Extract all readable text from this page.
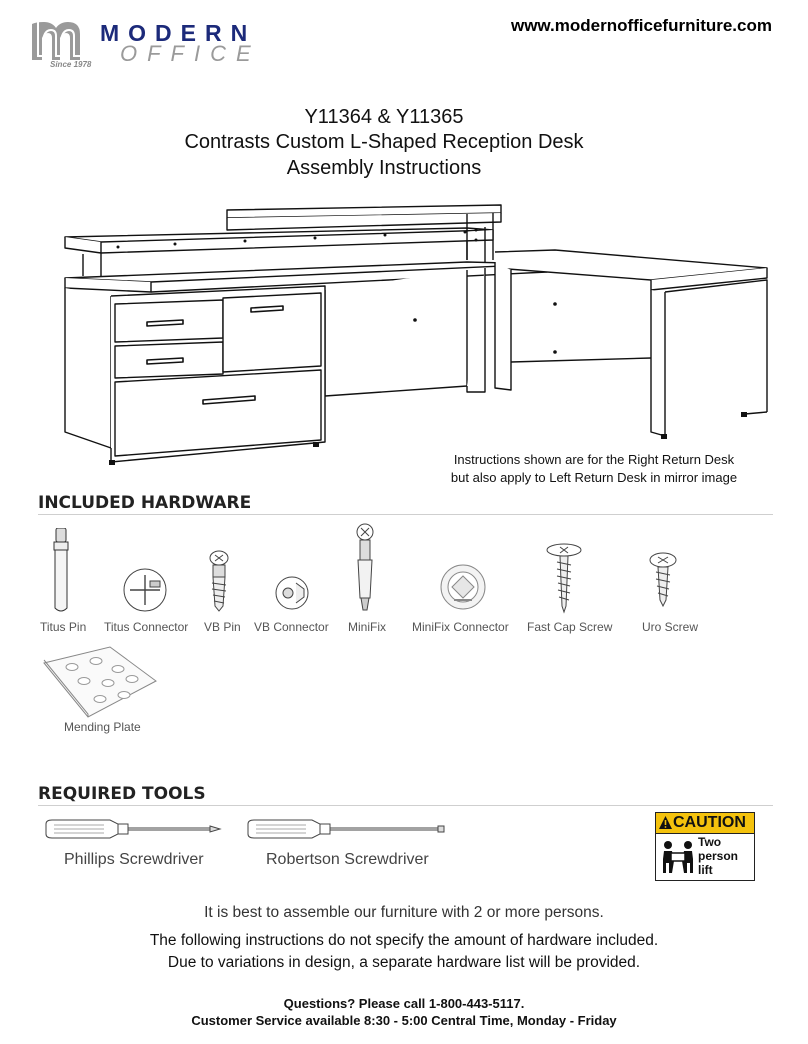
MODERN
OFFICE
Since 1978
www.modernofficefurniture.com
Y11364 & Y11365
Contrasts Custom L-Shaped Reception Desk
Assembly Instructions
Instructions shown are for the Right Return Desk
but also apply to Left Return Desk in mirror image
INCLUDED HARDWARE
Titus Pin Titus Connector VB Pin VB Connector MiniFix MiniFix Connector Fast Cap Screw Uro Screw
Mending Plate
REQUIRED TOOLS
Phillips Screwdriver	Robertson Screwdriver
CAUTION
Two
person
lift
It is best to assemble our furniture with 2 or more persons.
The following instructions do not specify the amount of hardware included.
Due to variations in design, a separate hardware list will be provided.
Questions? Please call 1-800-443-5117.
Customer Service available 8:30 - 5:00 Central Time, Monday - Friday
